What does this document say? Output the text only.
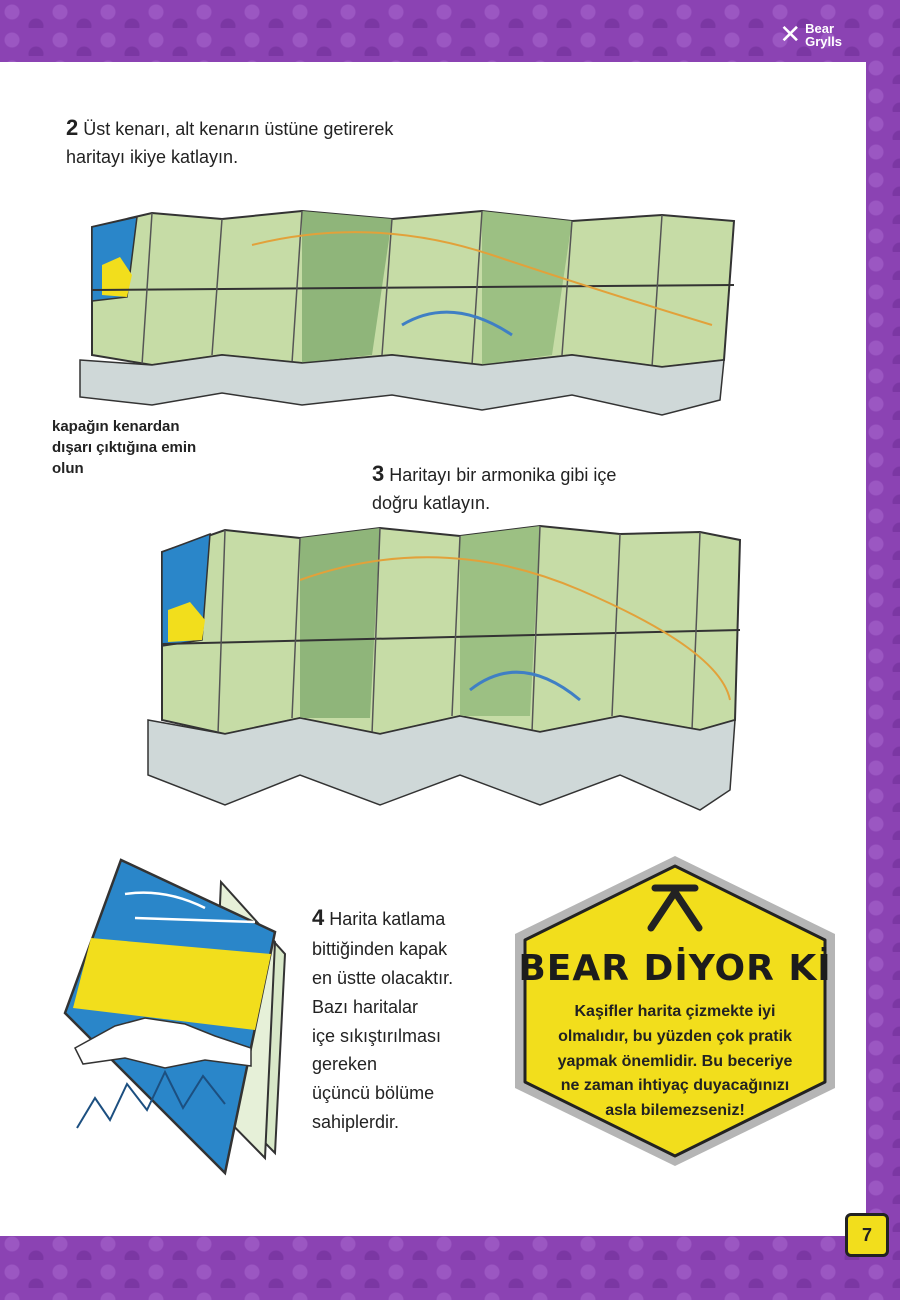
✕ Bear
Grylls
2 Üst kenarı, alt kenarın üstüne getirerek
haritayı ikiye katlayın.
kapağın kenardan
dışarı çıktığına emin
olun	3 Haritayı bir armonika gibi içe
doğru katlayın.
4 Harita katlama
bittiğinden kapak
en üstte olacaktır.
Bazı haritalar
içe sıkıştırılması
gereken
üçüncü bölüme
sahiplerdir.
BEAR DİYOR Kİ
Kaşifler harita çizmekte iyi
olmalıdır, bu yüzden çok pratik
yapmak önemlidir. Bu beceriye
ne zaman ihtiyaç duyacağınızı
asla bilemezseniz!
7
